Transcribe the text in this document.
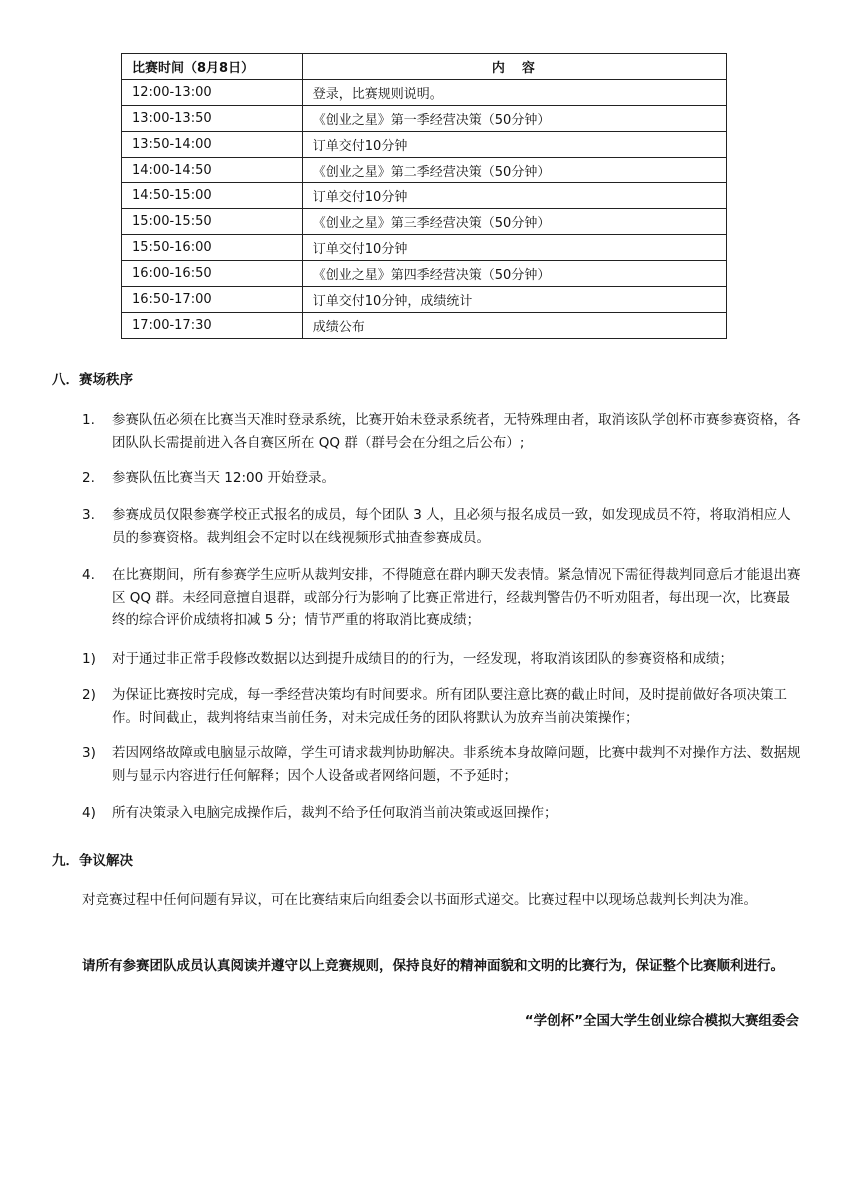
比赛时间（8月8日）	内　容
12:00-13:00	登录，比赛规则说明。
13:00-13:50	《创业之星》第一季经营决策（50分钟）
13:50-14:00	订单交付10分钟
14:00-14:50	《创业之星》第二季经营决策（50分钟）
14:50-15:00	订单交付10分钟
15:00-15:50	《创业之星》第三季经营决策（50分钟）
15:50-16:00	订单交付10分钟
16:00-16:50	《创业之星》第四季经营决策（50分钟）
16:50-17:00	订单交付10分钟，成绩统计
17:00-17:30	成绩公布
八．赛场秩序
1.	参赛队伍必须在比赛当天准时登录系统，比赛开始未登录系统者，无特殊理由者，取消该队学创杯市赛参赛资格，各团队队长需提前进入各自赛区所在 QQ 群（群号会在分组之后公布）;
2.	参赛队伍比赛当天 12:00 开始登录。
3.	参赛成员仅限参赛学校正式报名的成员，每个团队 3 人，且必须与报名成员一致，如发现成员不符，将取消相应人员的参赛资格。裁判组会不定时以在线视频形式抽查参赛成员。
4.	在比赛期间，所有参赛学生应听从裁判安排，不得随意在群内聊天发表情。紧急情况下需征得裁判同意后才能退出赛区 QQ 群。未经同意擅自退群，或部分行为影响了比赛正常进行，经裁判警告仍不听劝阻者，每出现一次，比赛最终的综合评价成绩将扣减 5 分；情节严重的将取消比赛成绩；
1)	对于通过非正常手段修改数据以达到提升成绩目的的行为，一经发现，将取消该团队的参赛资格和成绩；
2)	为保证比赛按时完成，每一季经营决策均有时间要求。所有团队要注意比赛的截止时间，及时提前做好各项决策工作。时间截止，裁判将结束当前任务，对未完成任务的团队将默认为放弃当前决策操作；
3)	若因网络故障或电脑显示故障，学生可请求裁判协助解决。非系统本身故障问题，比赛中裁判不对操作方法、数据规则与显示内容进行任何解释；因个人设备或者网络问题，不予延时；
4)	所有决策录入电脑完成操作后，裁判不给予任何取消当前决策或返回操作；
九．争议解决
对竞赛过程中任何问题有异议，可在比赛结束后向组委会以书面形式递交。比赛过程中以现场总裁判长判决为准。
请所有参赛团队成员认真阅读并遵守以上竞赛规则，保持良好的精神面貌和文明的比赛行为，保证整个比赛顺利进行。
“学创杯”全国大学生创业综合模拟大赛组委会
